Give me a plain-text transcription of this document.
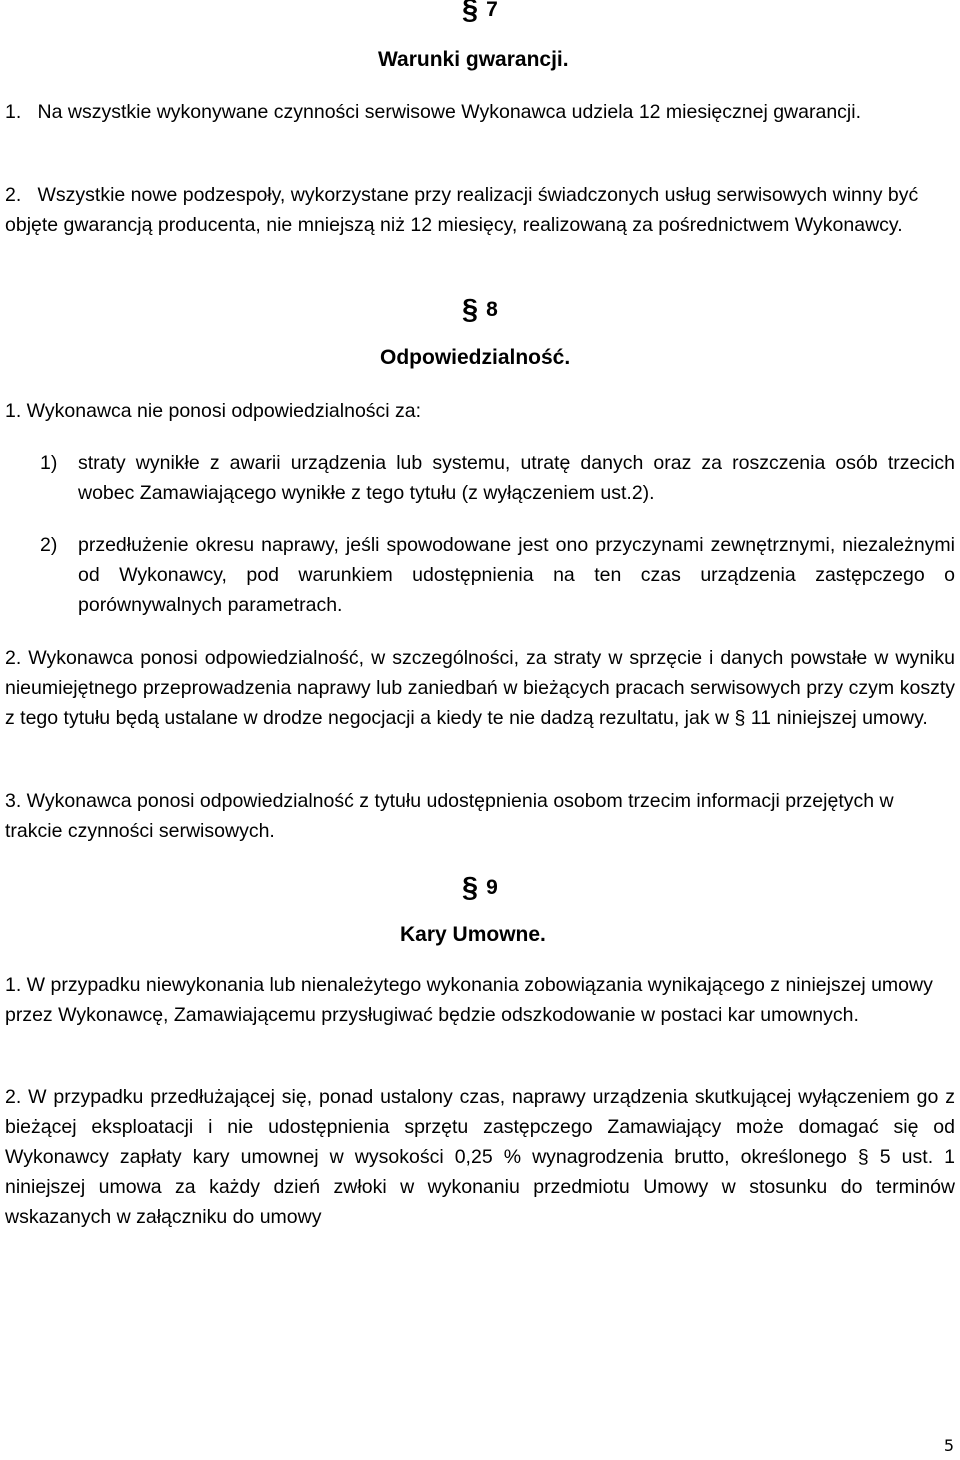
§ 7
Warunki gwarancji.
1.   Na wszystkie wykonywane czynności serwisowe Wykonawca udziela 12 miesięcznej gwarancji.
2.   Wszystkie nowe podzespoły, wykorzystane przy realizacji świadczonych usług serwisowych winny być objęte gwarancją producenta, nie mniejszą niż 12 miesięcy, realizowaną za pośrednictwem Wykonawcy.
§ 8
Odpowiedzialność.
1. Wykonawca nie ponosi odpowiedzialności za:
1) straty wynikłe z awarii urządzenia lub systemu, utratę danych oraz za roszczenia osób trzecich wobec Zamawiającego wynikłe z tego tytułu (z wyłączeniem ust.2).
2) przedłużenie okresu naprawy, jeśli spowodowane jest ono przyczynami zewnętrznymi, niezależnymi od Wykonawcy, pod warunkiem udostępnienia na ten czas urządzenia zastępczego o porównywalnych parametrach.
2. Wykonawca ponosi odpowiedzialność, w szczególności, za straty w sprzęcie i danych powstałe w wyniku nieumiejętnego przeprowadzenia naprawy lub zaniedbań w bieżących pracach serwisowych przy czym koszty z tego tytułu będą ustalane w drodze negocjacji a kiedy te nie dadzą rezultatu, jak w § 11 niniejszej umowy.
3. Wykonawca ponosi odpowiedzialność z tytułu udostępnienia osobom trzecim informacji przejętych w trakcie czynności serwisowych.
§ 9
Kary Umowne.
1. W przypadku niewykonania lub nienależytego wykonania zobowiązania wynikającego z niniejszej umowy przez Wykonawcę, Zamawiającemu przysługiwać będzie odszkodowanie w postaci kar umownych.
2. W przypadku przedłużającej się, ponad ustalony czas, naprawy urządzenia skutkującej wyłączeniem go z bieżącej eksploatacji i nie udostępnienia sprzętu zastępczego Zamawiający może domagać się od Wykonawcy zapłaty kary umownej w wysokości 0,25 % wynagrodzenia brutto, określonego § 5 ust. 1 niniejszej umowa za każdy dzień zwłoki w wykonaniu przedmiotu Umowy w stosunku do terminów wskazanych w załączniku do umowy
5
